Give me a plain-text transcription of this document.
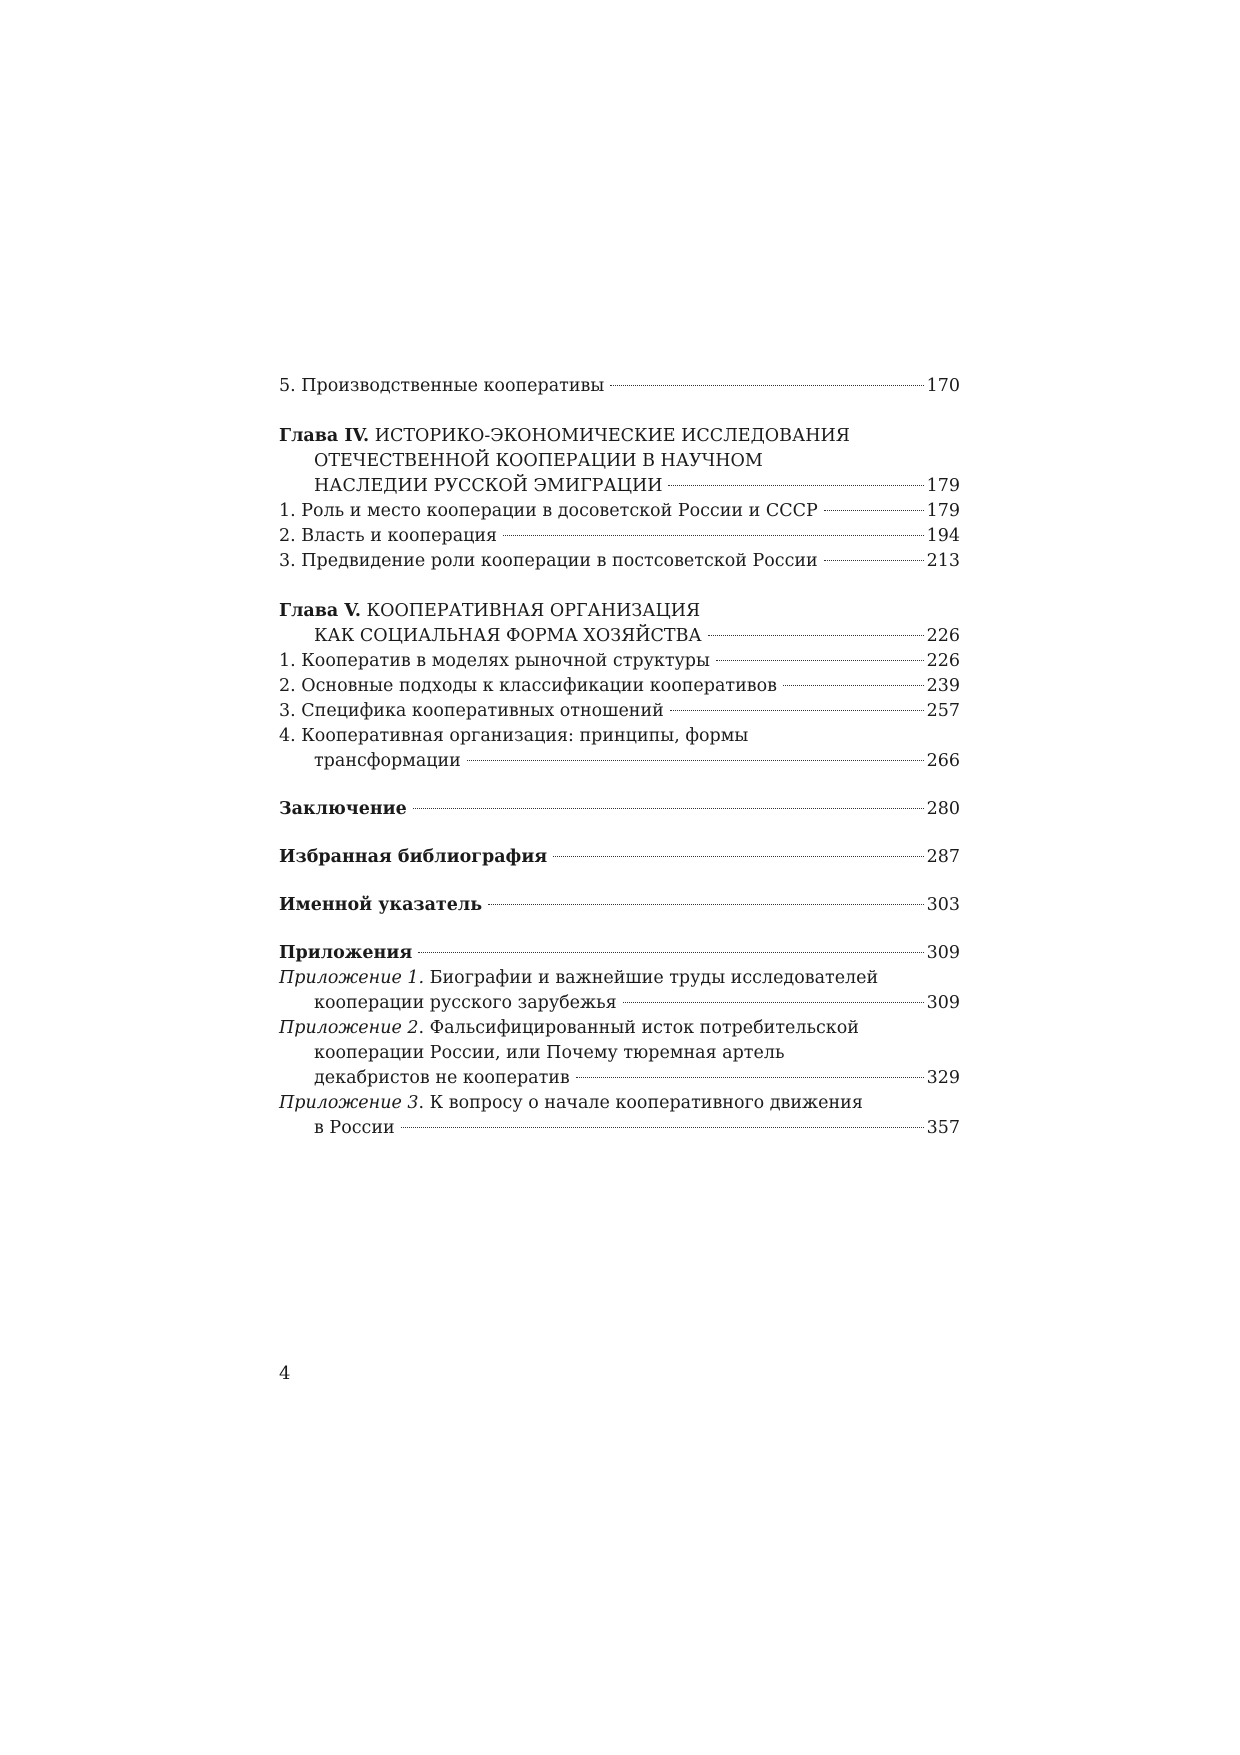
5. Производственные кооперативы	170
Глава IV. ИСТОРИКО-ЭКОНОМИЧЕСКИЕ ИССЛЕДОВАНИЯ
ОТЕЧЕСТВЕННОЙ КООПЕРАЦИИ В НАУЧНОМ
НАСЛЕДИИ РУССКОЙ ЭМИГРАЦИИ	179
1. Роль и место кооперации в досоветской России и СССР	179
2. Власть и кооперация	194
3. Предвидение роли кооперации в постсоветской России	213
Глава V. КООПЕРАТИВНАЯ ОРГАНИЗАЦИЯ
КАК СОЦИАЛЬНАЯ ФОРМА ХОЗЯЙСТВА	226
1. Кооператив в моделях рыночной структуры	226
2. Основные подходы к классификации кооперативов	239
3. Специфика кооперативных отношений	257
4. Кооперативная организация: принципы, формы
трансформации	266
Заключение	280
Избранная библиография	287
Именной указатель	303
Приложения	309
Приложение 1. Биографии и важнейшие труды исследователей
кооперации русского зарубежья	309
Приложение 2. Фальсифицированный исток потребительской
кооперации России, или Почему тюремная артель
декабристов не кооператив	329
Приложение 3. К вопросу о начале кооперативного движения
в России	357
4
